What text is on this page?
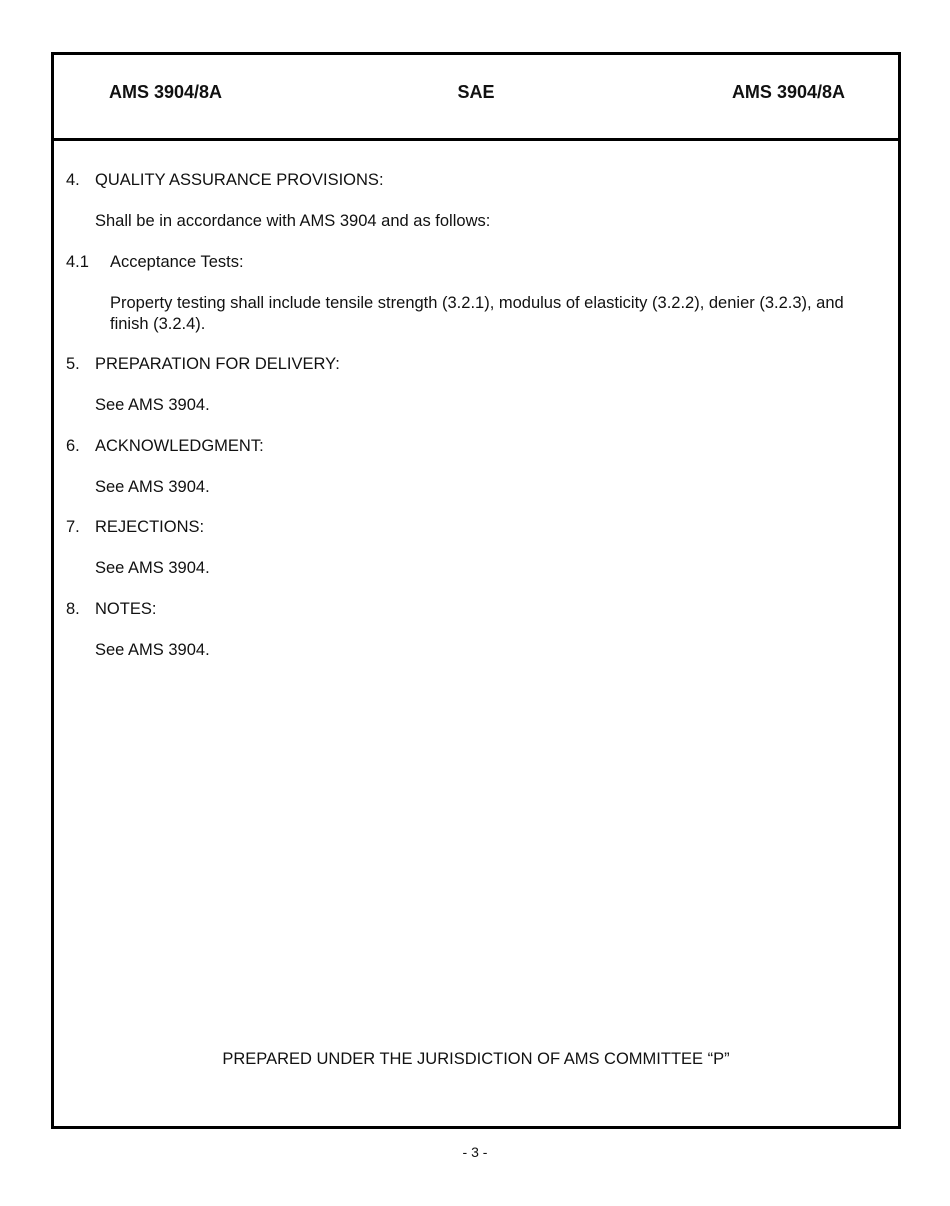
AMS 3904/8A	SAE	AMS 3904/8A
4. QUALITY ASSURANCE PROVISIONS:
Shall be in accordance with AMS 3904 and as follows:
4.1 Acceptance Tests:
Property testing shall include tensile strength (3.2.1), modulus of elasticity (3.2.2), denier (3.2.3), and finish (3.2.4).
5. PREPARATION FOR DELIVERY:
See AMS 3904.
6. ACKNOWLEDGMENT:
See AMS 3904.
7. REJECTIONS:
See AMS 3904.
8. NOTES:
See AMS 3904.
PREPARED UNDER THE JURISDICTION OF AMS COMMITTEE “P”
- 3 -
